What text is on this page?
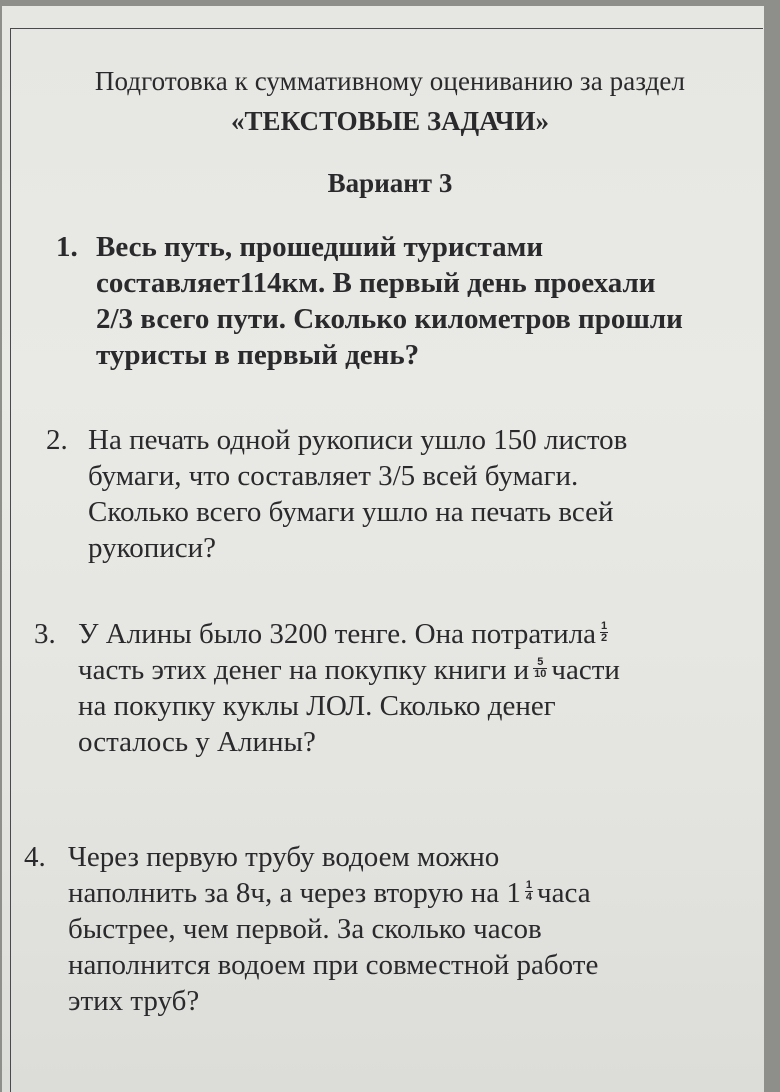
Подготовка к суммативному оцениванию за раздел
«ТЕКСТОВЫЕ ЗАДАЧИ»
Вариант 3
1. Весь путь, прошедший туристами
составляет114км. В первый день проехали
2/3 всего пути. Сколько километров прошли
туристы в первый день?
2. На печать одной рукописи ушло 150 листов
бумаги, что составляет 3/5 всей бумаги.
Сколько всего бумаги ушло на печать всей
рукописи?
3. У Алины было 3200 тенге. Она потратила $\frac{1}{2}$
часть этих денег на покупку книги и $\frac{5}{10}$ части
на покупку куклы ЛОЛ. Сколько денег
осталось у Алины?
4. Через первую трубу водоем можно
наполнить за 8ч, а через вторую на $1 \frac{1}{4}$ часа
быстрее, чем первой. За сколько часов
наполнится водоем при совместной работе
этих труб?
